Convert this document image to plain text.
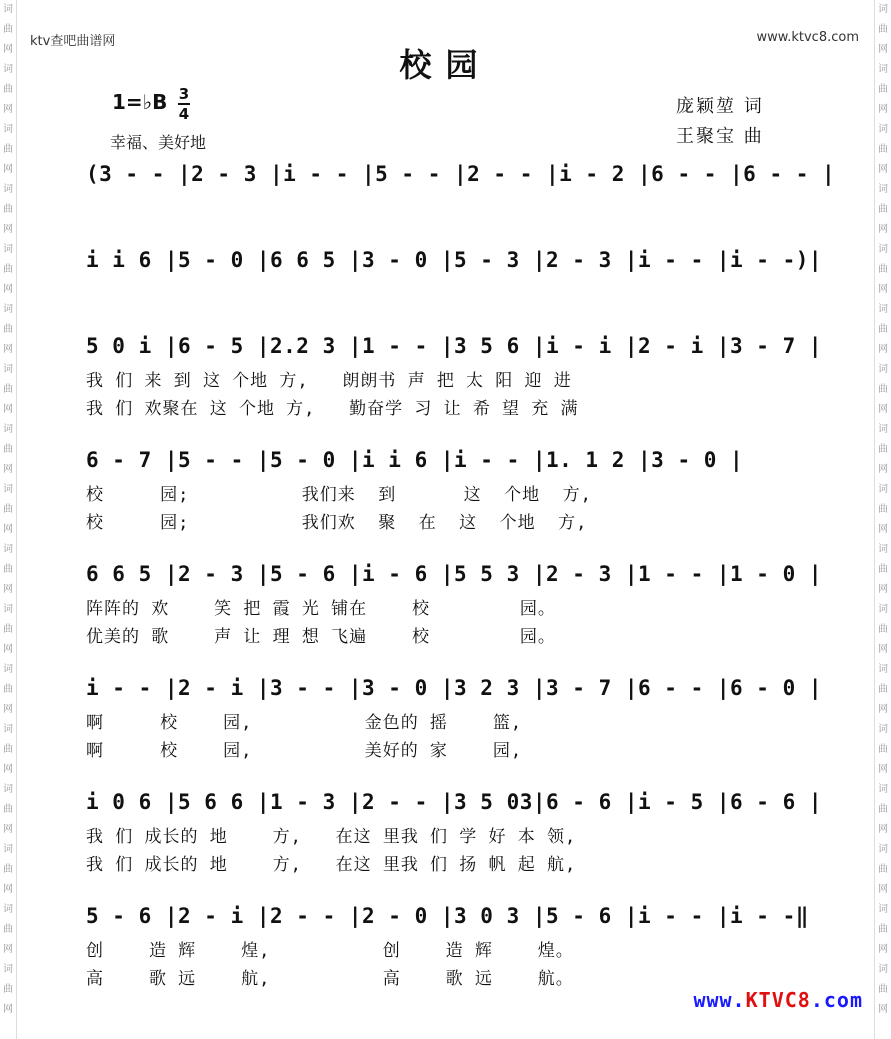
词
曲
网
词
曲
网
词
曲
网
词
曲
网
词
曲
网
词
曲
网
词
曲
网
词
曲
网
词
曲
网
词
曲
网
词
曲
网
词
曲
网
词
曲
网
词
曲
网
词
曲
网
词
曲
网
词
曲
网
词
曲
网
词
曲
网
词
曲
网
词
曲
网
词
曲
网
词
曲
网
词
曲
网
词
曲
网
词
曲
网
词
曲
网
词
曲
网
词
曲
网
词
曲
网
词
曲
网
词
曲
网
词
曲
网
词
曲
网
ktv查吧曲谱网	www.ktvc8.com
校园
1=♭B 3
4
幸福、美好地
庞颖堃 词
王聚宝 曲
(3 - - |2 - 3 |i - - |5 - - |2 - - |i - 2 |6 - - |6 - - |
i i 6 |5 - 0 |6 6 5 |3 - 0 |5 - 3 |2 - 3 |i - - |i - -)|
5 0 i |6 - 5 |2.2 3 |1 - - |3 5 6 |i - i |2 - i |3 - 7 |
我 们 来 到 这 个地 方,   朗朗书 声 把 太 阳 迎 进
我 们 欢聚在 这 个地 方,   勤奋学 习 让 希 望 充 满
6 - 7 |5 - - |5 - 0 |i i 6 |i - - |1. 1 2 |3 - 0 |
校     园;          我们来  到      这  个地  方,
校     园;          我们欢  聚  在  这  个地  方,
6 6 5 |2 - 3 |5 - 6 |i - 6 |5 5 3 |2 - 3 |1 - - |1 - 0 |
阵阵的 欢    笑 把 霞 光 铺在    校        园。
优美的 歌    声 让 理 想 飞遍    校        园。
i - - |2 - i |3 - - |3 - 0 |3 2 3 |3 - 7 |6 - - |6 - 0 |
啊     校    园,          金色的 摇    篮,
啊     校    园,          美好的 家    园,
i 0 6 |5 6 6 |1 - 3 |2 - - |3 5 03|6 - 6 |i - 5 |6 - 6 |
我 们 成长的 地    方,   在这 里我 们 学 好 本 领,
我 们 成长的 地    方,   在这 里我 们 扬 帆 起 航,
5 - 6 |2 - i |2 - - |2 - 0 |3 0 3 |5 - 6 |i - - |i - -‖
创    造 辉    煌,          创    造 辉    煌。
高    歌 远    航,          高    歌 远    航。
www.KTVC8.com
